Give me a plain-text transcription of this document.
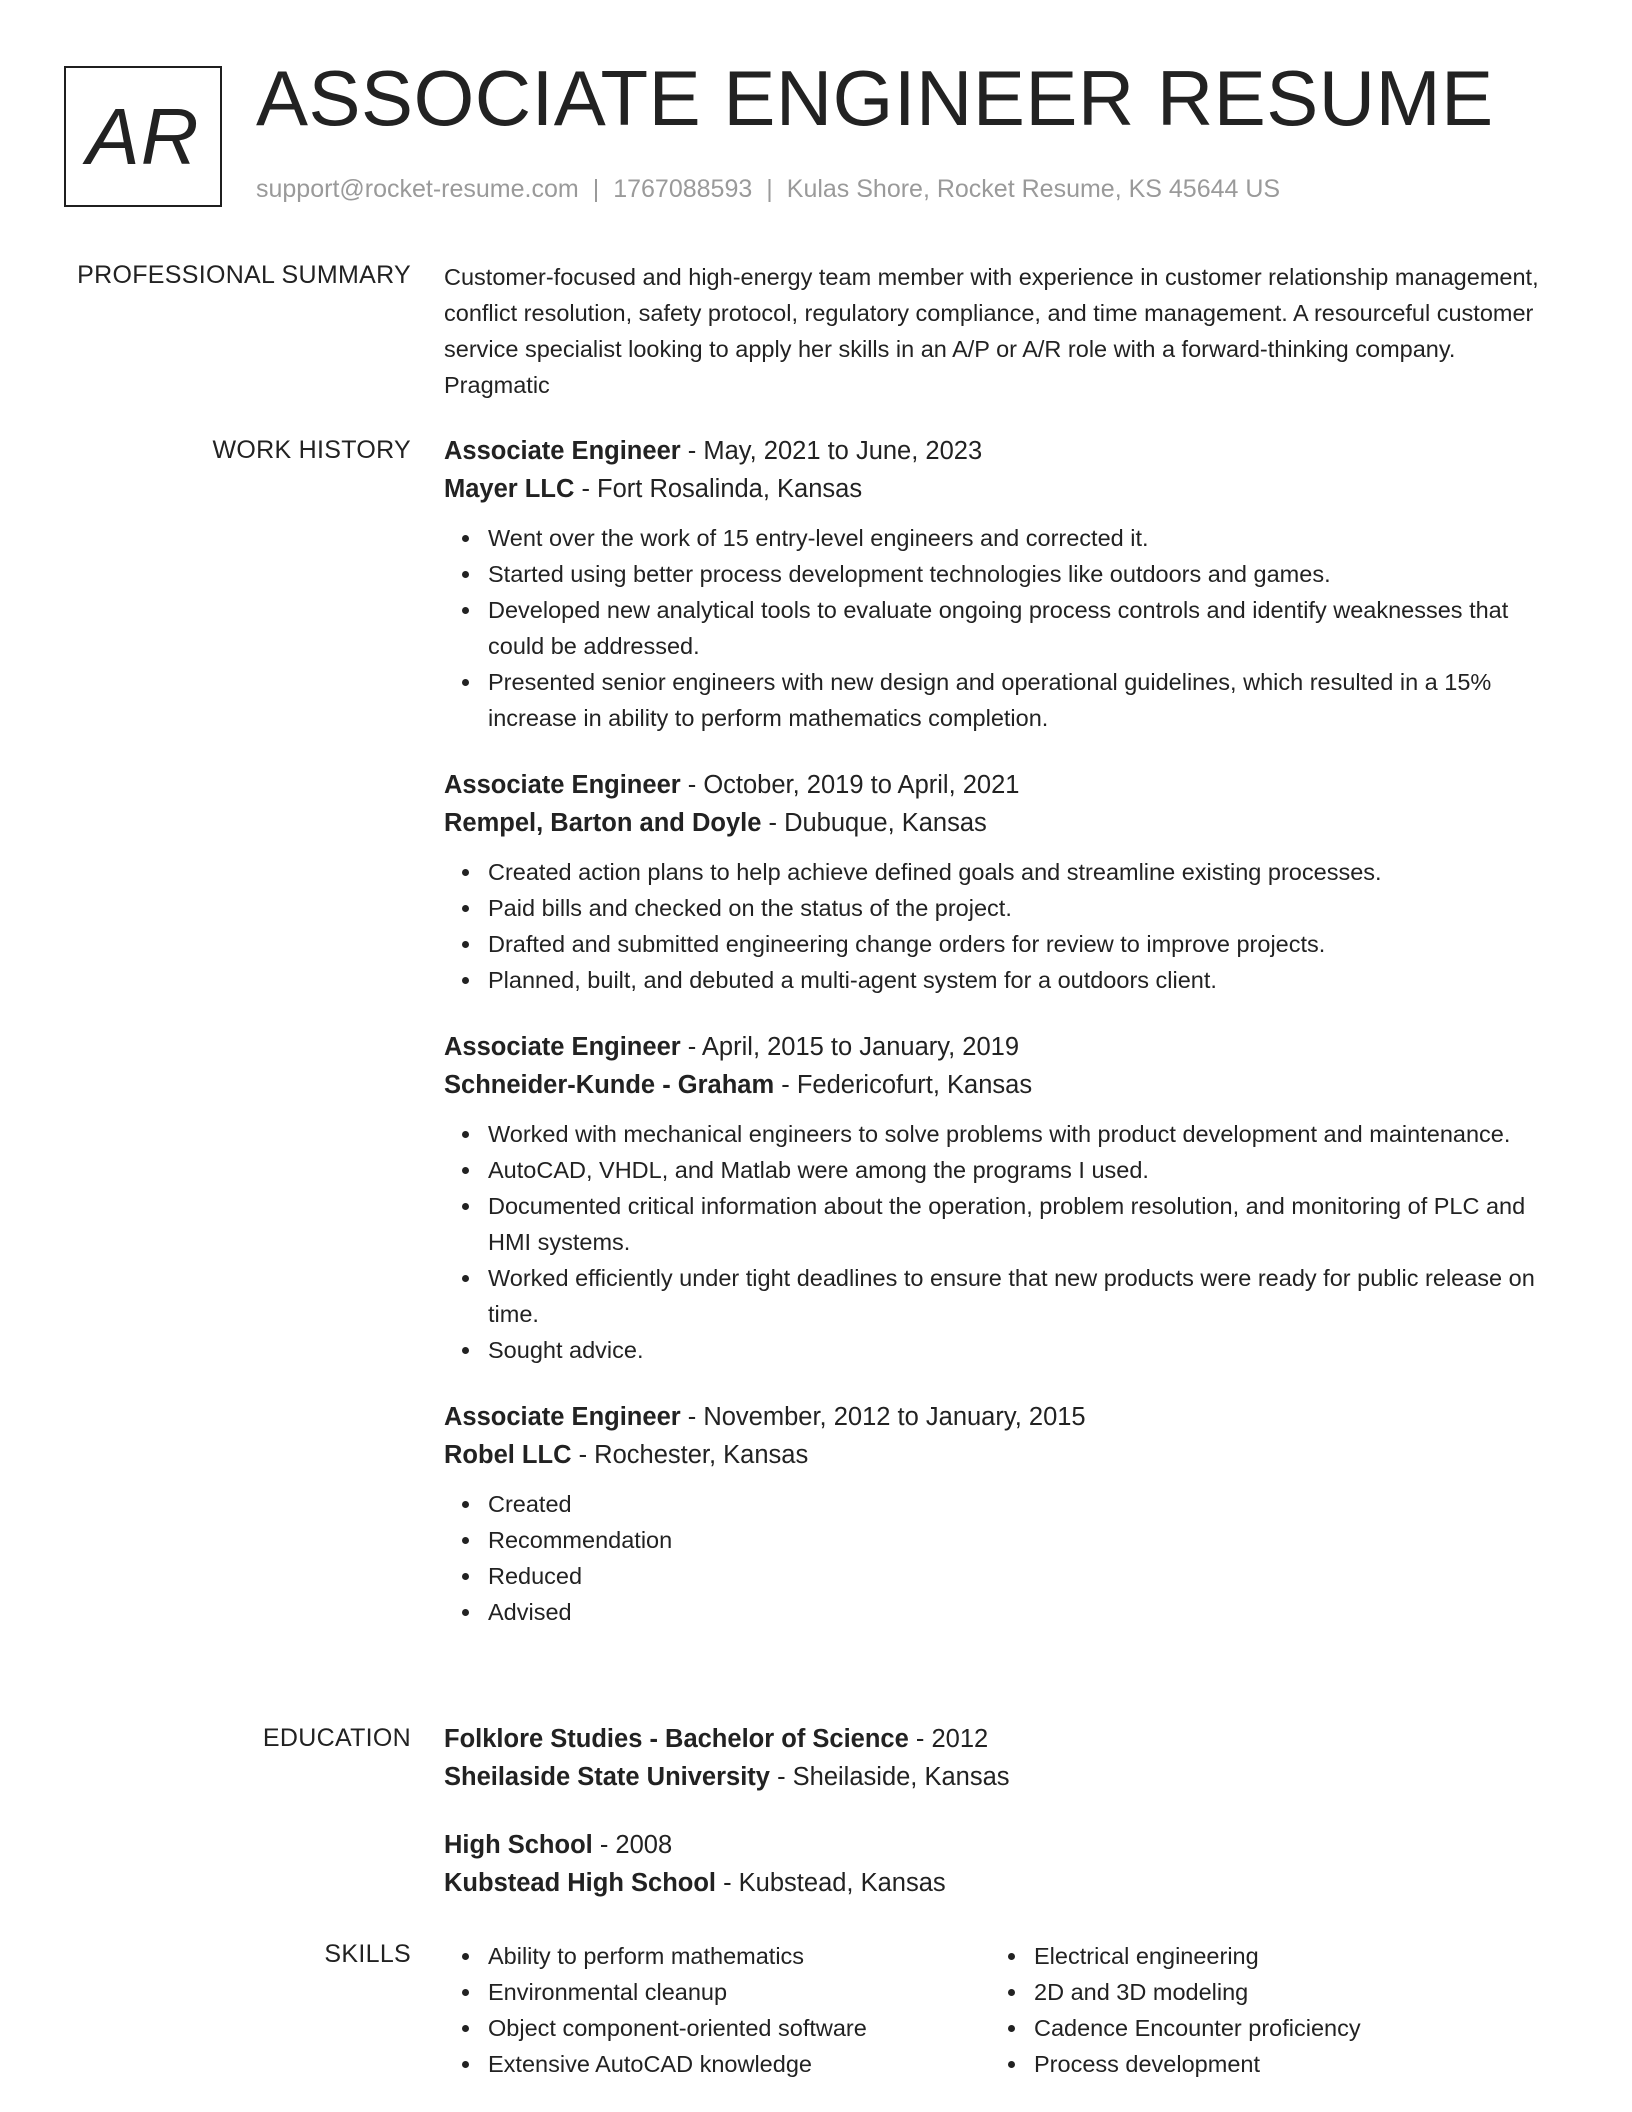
AR ASSOCIATE ENGINEER RESUME
support@rocket-resume.com | 1767088593 | Kulas Shore, Rocket Resume, KS 45644 US
PROFESSIONAL SUMMARY Customer-focused and high-energy team member with experience in customer relationship management, conflict resolution, safety protocol, regulatory compliance, and time management. A resourceful customer service specialist looking to apply her skills in an A/P or A/R role with a forward-thinking company. Pragmatic

WORK HISTORY Associate Engineer - May, 2021 to June, 2023
Mayer LLC - Fort Rosalinda, Kansas
Went over the work of 15 entry-level engineers and corrected it.
Started using better process development technologies like outdoors and games.
Developed new analytical tools to evaluate ongoing process controls and identify weaknesses that could be addressed.
Presented senior engineers with new design and operational guidelines, which resulted in a 15% increase in ability to perform mathematics completion.
Associate Engineer - October, 2019 to April, 2021
Rempel, Barton and Doyle - Dubuque, Kansas
Created action plans to help achieve defined goals and streamline existing processes.
Paid bills and checked on the status of the project.
Drafted and submitted engineering change orders for review to improve projects.
Planned, built, and debuted a multi-agent system for a outdoors client.
Associate Engineer - April, 2015 to January, 2019
Schneider-Kunde - Graham - Federicofurt, Kansas
Worked with mechanical engineers to solve problems with product development and maintenance.
AutoCAD, VHDL, and Matlab were among the programs I used.
Documented critical information about the operation, problem resolution, and monitoring of PLC and HMI systems.
Worked efficiently under tight deadlines to ensure that new products were ready for public release on time.
Sought advice.
Associate Engineer - November, 2012 to January, 2015
Robel LLC - Rochester, Kansas
Created
Recommendation
Reduced
Advised
EDUCATION Folklore Studies - Bachelor of Science - 2012
Sheilaside State University - Sheilaside, Kansas
High School - 2008
Kubstead High School - Kubstead, Kansas
SKILLS	Ability to perform mathematics
Environmental cleanup
Object component-oriented software
Extensive AutoCAD knowledge
Electrical engineering
2D and 3D modeling
Cadence Encounter proficiency
Process development
